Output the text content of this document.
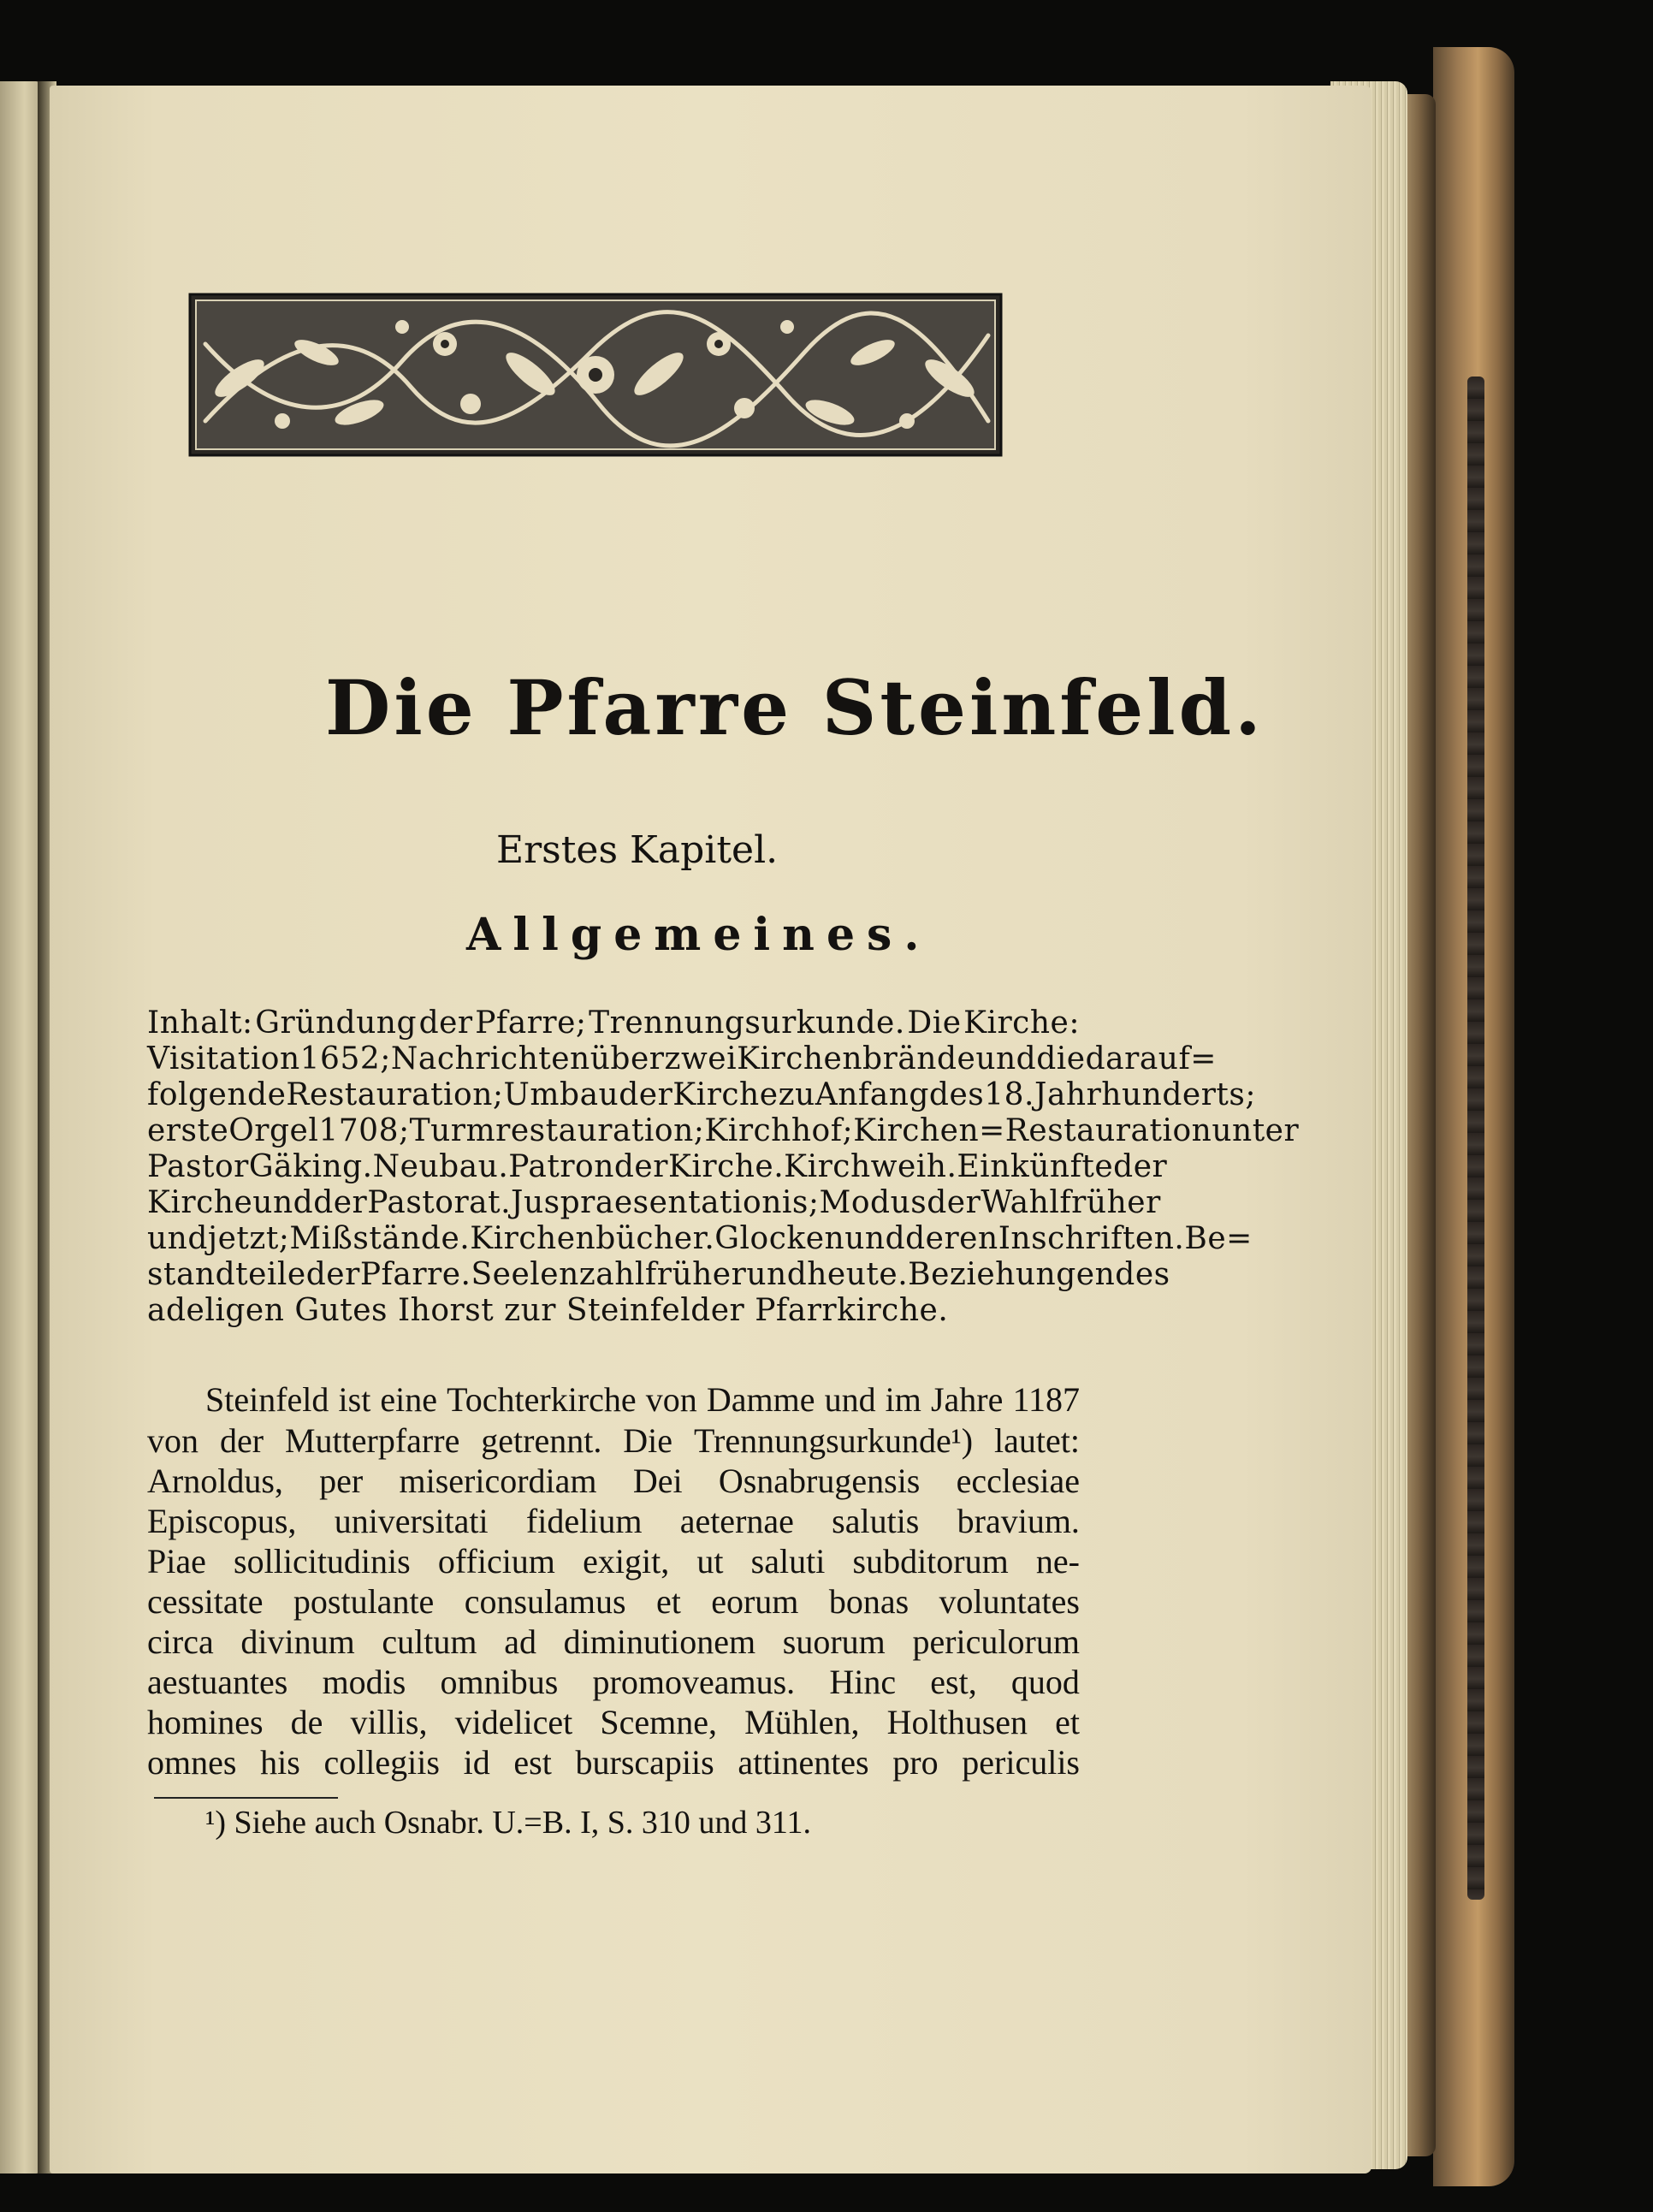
Die Pfarre Steinfeld.
Erstes Kapitel.
Allgemeines.
Inhalt: Gründung der Pfarre; Trennungsurkunde. Die Kirche:
Visitation 1652; Nachrichten über zwei Kirchenbrände und die darauf=
folgende Restauration; Umbau der Kirche zu Anfang des 18. Jahrhunderts;
erste Orgel 1708; Turmrestauration; Kirchhof; Kirchen=Restauration unter
Pastor Gäking. Neubau. Patron der Kirche. Kirchweih. Einkünfte der
Kirche und der Pastorat. Jus praesentationis; Modus der Wahl früher
und jetzt; Mißstände. Kirchenbücher. Glocken und deren Inschriften. Be=
standteile der Pfarre. Seelenzahl früher und heute. Beziehungen des
adeligen Gutes Ihorst zur Steinfelder Pfarrkirche.
Steinfeld ist eine Tochterkirche von Damme und im Jahre 1187
von der Mutterpfarre getrennt. Die Trennungsurkunde¹) lautet:
Arnoldus, per misericordiam Dei Osnabrugensis ecclesiae
Episcopus, universitati fidelium aeternae salutis bravium.
Piae sollicitudinis officium exigit, ut saluti subditorum ne-
cessitate postulante consulamus et eorum bonas voluntates
circa divinum cultum ad diminutionem suorum periculorum
aestuantes modis omnibus promoveamus. Hinc est, quod
homines de villis, videlicet Scemne, Mühlen, Holthusen et
omnes his collegiis id est burscapiis attinentes pro periculis
¹) Siehe auch Osnabr. U.=B. I, S. 310 und 311.
